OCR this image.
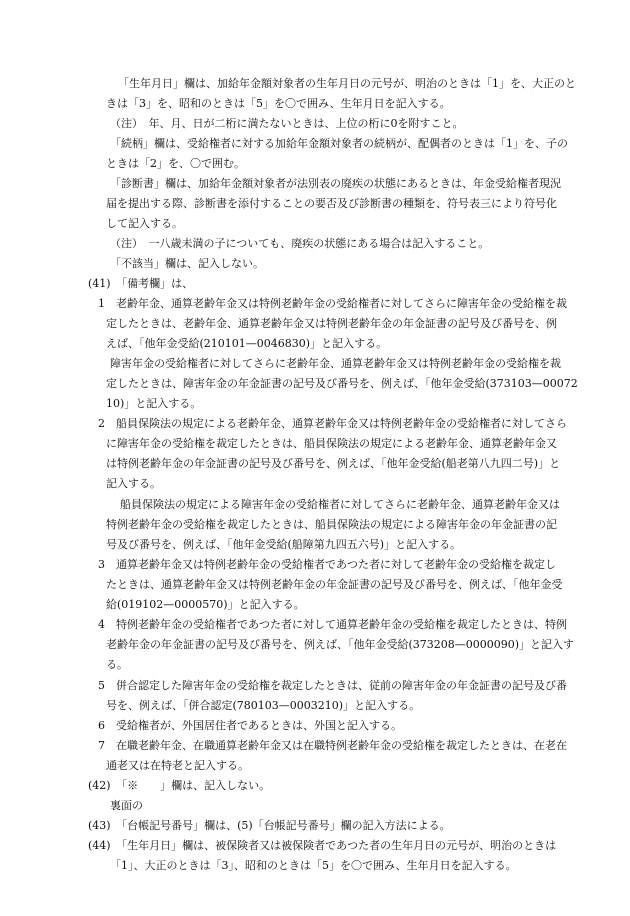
「生年月日」欄は、加給年金額対象者の生年月日の元号が、明治のときは「1」を、大正のと
きは「3」を、昭和のときは「5」を〇で囲み、生年月日を記入する。
（注）　年、月、日が二桁に満たないときは、上位の桁に0を附すこと。
「続柄」欄は、受給権者に対する加給年金額対象者の続柄が、配偶者のときは「1」を、子の
ときは「2」を、〇で囲む。
「診断書」欄は、加給年金額対象者が法別表の廃疾の状態にあるときは、年金受給権者現況
届を提出する際、診断書を添付することの要否及び診断書の種類を、符号表三により符号化
して記入する。
（注）　一八歳未満の子についても、廃疾の状態にある場合は記入すること。
「不該当」欄は、記入しない。
(41)　「備考欄」は、
1　老齢年金、通算老齢年金又は特例老齢年金の受給権者に対してさらに障害年金の受給権を裁
定したときは、老齢年金、通算老齢年金又は特例老齢年金の年金証書の記号及び番号を、例
えば、「他年金受給(210101—0046830)」と記入する。
障害年金の受給権者に対してさらに老齢年金、通算老齢年金又は特例老齢年金の受給権を裁
定したときは、障害年金の年金証書の記号及び番号を、例えば、「他年金受給(373103—00072
10)」と記入する。
2　船員保険法の規定による老齢年金、通算老齢年金又は特例老齢年金の受給権者に対してさら
に障害年金の受給権を裁定したときは、船員保険法の規定による老齢年金、通算老齢年金又
は特例老齢年金の年金証書の記号及び番号を、例えば、「他年金受給(船老第八九四二号)」と
記入する。
船員保険法の規定による障害年金の受給権者に対してさらに老齢年金、通算老齢年金又は
特例老齢年金の受給権を裁定したときは、船員保険法の規定による障害年金の年金証書の記
号及び番号を、例えば、「他年金受給(船障第九四五六号)」と記入する。
3　通算老齢年金又は特例老齢年金の受給権者であつた者に対して老齢年金の受給権を裁定し
たときは、通算老齢年金又は特例老齢年金の年金証書の記号及び番号を、例えば、「他年金受
給(019102—0000570)」と記入する。
4　特例老齢年金の受給権者であつた者に対して通算老齢年金の受給権を裁定したときは、特例
老齢年金の年金証書の記号及び番号を、例えば、「他年金受給(373208—0000090)」と記入す
る。
5　併合認定した障害年金の受給権を裁定したときは、従前の障害年金の年金証書の記号及び番
号を、例えば、「併合認定(780103—0003210)」と記入する。
6　受給権者が、外国居住者であるときは、外国と記入する。
7　在職老齢年金、在職通算老齢年金又は在職特例老齢年金の受給権を裁定したときは、在老在
通老又は在特老と記入する。
(42)　「※　　」欄は、記入しない。
裏面の
(43)　「台帳記号番号」欄は、(5)「台帳記号番号」欄の記入方法による。
(44)　「生年月日」欄は、被保険者又は被保険者であつた者の生年月日の元号が、明治のときは
「1」、大正のときは「3」、昭和のときは「5」を〇で囲み、生年月日を記入する。
